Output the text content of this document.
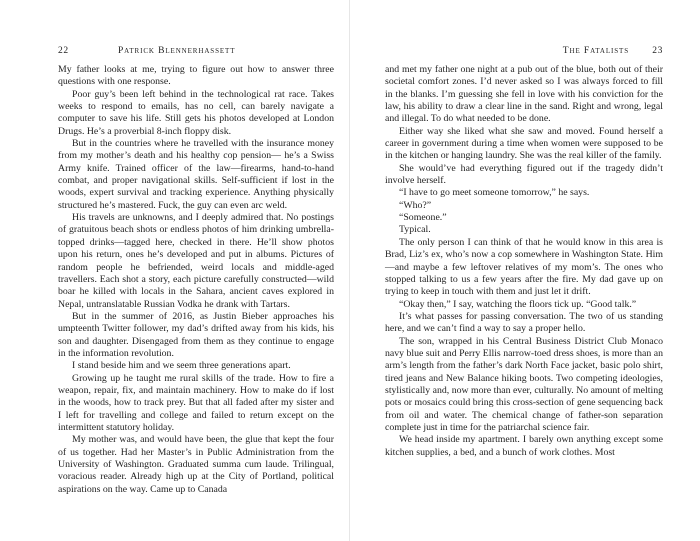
22	Patrick Blennerhassett

My father looks at me, trying to figure out how to answer three questions with one response.

Poor guy’s been left behind in the technological rat race. Takes weeks to respond to emails, has no cell, can barely navigate a computer to save his life. Still gets his photos developed at London Drugs. He’s a proverbial 8-inch floppy disk.

But in the countries where he travelled with the insurance money from my mother’s death and his healthy cop pension— he’s a Swiss Army knife. Trained officer of the law—firearms, hand-to-hand combat, and proper navigational skills. Self-sufficient if lost in the woods, expert survival and tracking experience. Anything physically structured he’s mastered. Fuck, the guy can even arc weld.

His travels are unknowns, and I deeply admired that. No postings of gratuitous beach shots or endless photos of him drinking umbrella-topped drinks—tagged here, checked in there. He’ll show photos upon his return, ones he’s developed and put in albums. Pictures of random people he befriended, weird locals and middle-aged travellers. Each shot a story, each picture carefully constructed—wild boar he killed with locals in the Sahara, ancient caves explored in Nepal, untranslatable Russian Vodka he drank with Tartars.

But in the summer of 2016, as Justin Bieber approaches his umpteenth Twitter follower, my dad’s drifted away from his kids, his son and daughter. Disengaged from them as they continue to engage in the information revolution.

I stand beside him and we seem three generations apart.

Growing up he taught me rural skills of the trade. How to fire a weapon, repair, fix, and maintain machinery. How to make do if lost in the woods, how to track prey. But that all faded after my sister and I left for travelling and college and failed to return except on the intermittent statutory holiday.

My mother was, and would have been, the glue that kept the four of us together. Had her Master’s in Public Administration from the University of Washington. Graduated summa cum laude. Trilingual, voracious reader. Already high up at the City of Portland, political aspirations on the way. Came up to Canada

The Fatalists 23

and met my father one night at a pub out of the blue, both out of their societal comfort zones. I’d never asked so I was always forced to fill in the blanks. I’m guessing she fell in love with his conviction for the law, his ability to draw a clear line in the sand. Right and wrong, legal and illegal. To do what needed to be done.

Either way she liked what she saw and moved. Found herself a career in government during a time when women were supposed to be in the kitchen or hanging laundry. She was the real killer of the family.

She would’ve had everything figured out if the tragedy didn’t involve herself.

“I have to go meet someone tomorrow,” he says.

“Who?”

“Someone.”

Typical.

The only person I can think of that he would know in this area is Brad, Liz’s ex, who’s now a cop somewhere in Washington State. Him—and maybe a few leftover relatives of my mom’s. The ones who stopped talking to us a few years after the fire. My dad gave up on trying to keep in touch with them and just let it drift.

“Okay then,” I say, watching the floors tick up. “Good talk.”

It’s what passes for passing conversation. The two of us standing here, and we can’t find a way to say a proper hello.

The son, wrapped in his Central Business District Club Monaco navy blue suit and Perry Ellis narrow-toed dress shoes, is more than an arm’s length from the father’s dark North Face jacket, basic polo shirt, tired jeans and New Balance hiking boots. Two competing ideologies, stylistically and, now more than ever, culturally. No amount of melting pots or mosaics could bring this cross-section of gene sequencing back from oil and water. The chemical change of father-son separation complete just in time for the patriarchal science fair.

We head inside my apartment. I barely own anything except some kitchen supplies, a bed, and a bunch of work clothes. Most
